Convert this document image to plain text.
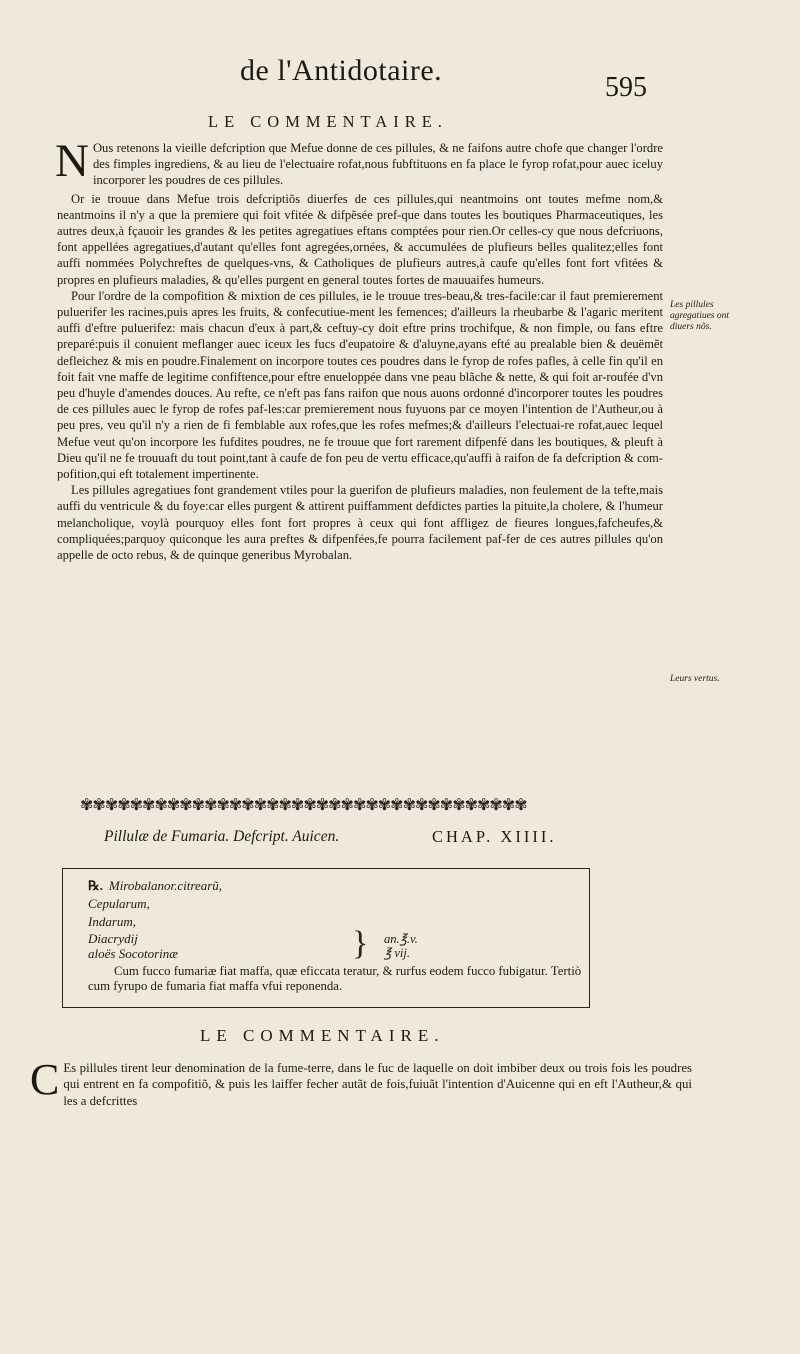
de l'Antidotaire.
595
LE COMMENTAIRE.

N Ous retenons la vieille defcription que Mefue donne de ces pillules, & ne faifons autre chofe que changer l'ordre des fimples ingrediens, & au lieu de l'electuaire rofat,nous fubftituons en fa place le fyrop rofat,pour auec iceluy incorporer les poudres de ces pillules.

Or ie trouue dans Mefue trois defcriptiõs diuerfes de ces pillules,qui neantmoins ont toutes mefme nom,& neantmoins il n'y a que la premiere qui foit vfitée & difpẽsée pref-que dans toutes les boutiques Pharmaceutiques, les autres deux,à fçauoir les grandes & les petites agregatiues eftans comptées pour rien.Or celles-cy que nous defcriuons, font appellées agregatiues,d'autant qu'elles font agregées,ornées, & accumulées de plufieurs belles qualitez;elles font auffi nommées Polychreftes de quelques-vns, & Catholiques de plufieurs autres,à caufe qu'elles font fort vfitées & propres en plufieurs maladies, & qu'elles purgent en general toutes fortes de mauuaifes humeurs.

Pour l'ordre de la compofition & mixtion de ces pillules, ie le trouue tres-beau,& tres-facile:car il faut premierement puluerifer les racines,puis apres les fruits, & confecutiue-ment les femences; d'ailleurs la rheubarbe & l'agaric meritent auffi d'eftre puluerifez: mais chacun d'eux à part,& ceftuy-cy doit eftre prins trochifque, & non fimple, ou fans eftre preparé:puis il conuient meflanger auec iceux les fucs d'eupatoire & d'aluyne,ayans efté au prealable bien & deuëmẽt defleichez & mis en poudre.Finalement on incorpore toutes ces poudres dans le fyrop de rofes pafles, à celle fin qu'il en foit fait vne maffe de legitime confiftence,pour eftre enueloppée dans vne peau blãche & nette, & qui foit ar-roufée d'vn peu d'huyle d'amendes douces. Au refte, ce n'eft pas fans raifon que nous auons ordonné d'incorporer toutes les poudres de ces pillules auec le fyrop de rofes paf-les:car premierement nous fuyuons par ce moyen l'intention de l'Autheur,ou à peu pres, veu qu'il n'y a rien de fi femblable aux rofes,que les rofes mefmes;& d'ailleurs l'electuai-re rofat,auec lequel Mefue veut qu'on incorpore les fufdites poudres, ne fe trouue que fort rarement difpenfé dans les boutiques, & pleuft à Dieu qu'il ne fe trouuaft du tout point,tant à caufe de fon peu de vertu efficace,qu'auffi à raifon de fa defcription & com-pofition,qui eft totalement impertinente.

Les pillules agregatiues font grandement vtiles pour la guerifon de plufieurs maladies, non feulement de la tefte,mais auffi du ventricule & du foye:car elles purgent & attirent puiffamment defdictes parties la pituite,la cholere, & l'humeur melancholique, voylà pourquoy elles font fort propres à ceux qui font affligez de fieures longues,fafcheufes,& compliquées;parquoy quiconque les aura preftes & difpenfées,fe pourra facilement paf-fer de ces autres pillules qu'on appelle de octo rebus, & de quinque generibus Myrobalan.

Les pillules agregatiues ont diuers nõs.
Leurs vertus.
✾✾✾✾✾✾✾✾✾✾✾✾✾✾✾✾✾✾✾✾✾✾✾✾✾✾✾✾✾✾✾✾✾✾✾✾
Pillulæ de Fumaria. Defcript. Auicen.	CHAP. XIIII.
℞. Mirobalanor.citrearũ,
Cepularum,
Indarum,
Diacrydij	} an.℥.v.
aloës Socotorinæ	℥ vij.

Cum fucco fumariæ fiat maffa, quæ eficcata teratur, & rurfus eodem fucco fubigatur. Tertiò cum fyrupo de fumaria fiat maffa vfui reponenda.

LE COMMENTAIRE.

C Es pillules tirent leur denomination de la fume-terre, dans le fuc de laquelle on doit imbiber deux ou trois fois les poudres qui entrent en fa compofitiõ, & puis les laiffer fecher autãt de fois,fuiuãt l'intention d'Auicenne qui en eft l'Autheur,& qui les a defcrittes
